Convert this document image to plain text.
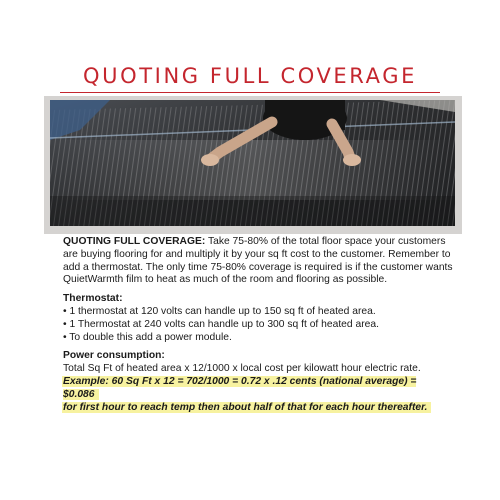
QUOTING FULL COVERAGE

QUOTING FULL COVERAGE: Take 75-80% of the total floor space your customers are buying flooring for and multiply it by your sq ft cost to the customer. Remember to add a thermostat. The only time 75-80% coverage is required is if the customer wants QuietWarmth film to heat as much of the room and flooring as possible.

Thermostat:

• 1 thermostat at 120 volts can handle up to 150 sq ft of heated area.
• 1 Thermostat at 240 volts can handle up to 300 sq ft of heated area.
• To double this add a power module.

Power consumption:

Total Sq Ft of heated area x 12/1000 x local cost per kilowatt hour electric rate.

Example: 60 Sq Ft x 12 = 702/1000 = 0.72 x .12 cents (national average) = $0.086

for first hour to reach temp then about half of that for each hour thereafter.
